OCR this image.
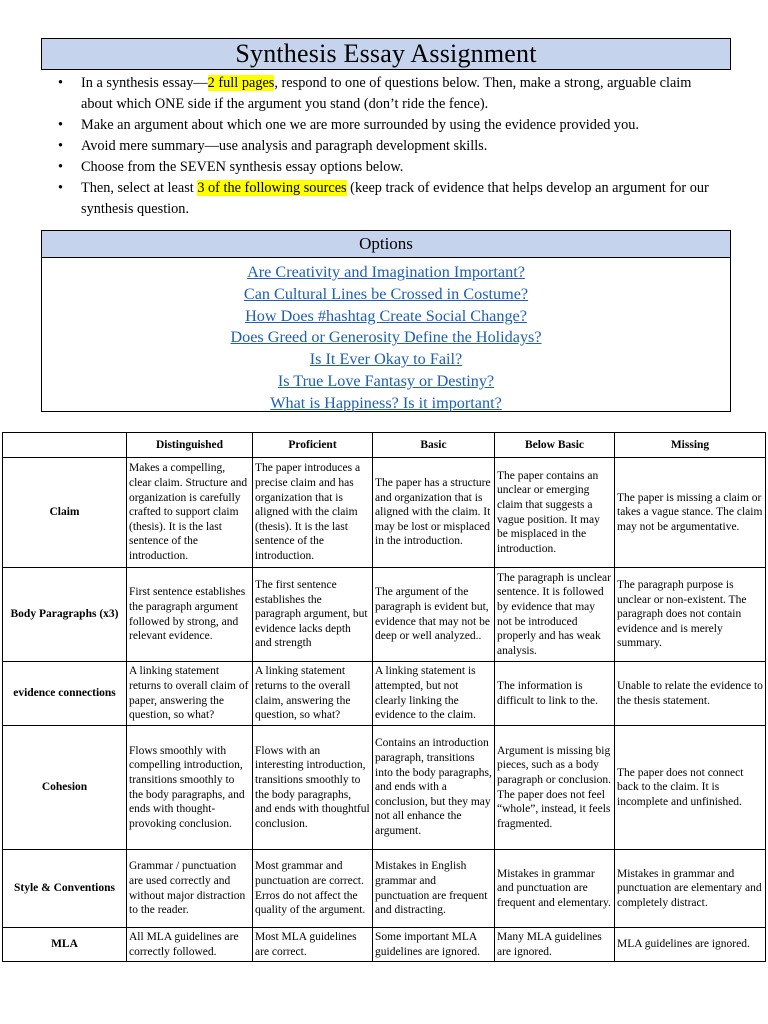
Synthesis Essay Assignment
• In a synthesis essay—2 full pages, respond to one of questions below. Then, make a strong, arguable claim about which ONE side if the argument you stand (don’t ride the fence).
• Make an argument about which one we are more surrounded by using the evidence provided you.
• Avoid mere summary—use analysis and paragraph development skills.
• Choose from the SEVEN synthesis essay options below.
• Then, select at least 3 of the following sources (keep track of evidence that helps develop an argument for our synthesis question.
Options
Are Creativity and Imagination Important?
Can Cultural Lines be Crossed in Costume?
How Does #hashtag Create Social Change?
Does Greed or Generosity Define the Holidays?
Is It Ever Okay to Fail?
Is True Love Fantasy or Destiny?
What is Happiness? Is it important?
	Distinguished	Proficient	Basic	Below Basic	Missing
Claim	Makes a compelling, clear claim. Structure and organization is carefully crafted to support claim (thesis). It is the last sentence of the introduction.	The paper introduces a precise claim and has organization that is aligned with the claim (thesis). It is the last sentence of the introduction.	The paper has a structure and organization that is aligned with the claim. It may be lost or misplaced in the introduction.	The paper contains an unclear or emerging claim that suggests a vague position. It may be misplaced in the introduction.	The paper is missing a claim or takes a vague stance. The claim may not be argumentative.
Body Paragraphs (x3)	First sentence establishes the paragraph argument followed by strong, and relevant evidence.	The first sentence establishes the paragraph argument, but evidence lacks depth and strength	The argument of the paragraph is evident but, evidence that may not be deep or well analyzed..	The paragraph is unclear sentence. It is followed by evidence that may not be introduced properly and has weak analysis.	The paragraph purpose is unclear or non-existent. The paragraph does not contain evidence and is merely summary.
evidence connections	A linking statement returns to overall claim of paper, answering the question, so what?	A linking statement returns to the overall claim, answering the question, so what?	A linking statement is attempted, but not clearly linking the evidence to the claim.	The information is difficult to link to the.	Unable to relate the evidence to the thesis statement.
Cohesion	Flows smoothly with compelling introduction, transitions smoothly to the body paragraphs, and ends with thought-provoking conclusion.	Flows with an interesting introduction, transitions smoothly to the body paragraphs, and ends with thoughtful conclusion.	Contains an introduction paragraph, transitions into the body paragraphs, and ends with a conclusion, but they may not all enhance the argument.	Argument is missing big pieces, such as a body paragraph or conclusion. The paper does not feel “whole”, instead, it feels fragmented.	The paper does not connect back to the claim. It is incomplete and unfinished.
Style & Conventions	Grammar / punctuation are used correctly and without major distraction to the reader.	Most grammar and punctuation are correct. Erros do not affect the quality of the argument.	Mistakes in English grammar and punctuation are frequent and distracting.	Mistakes in grammar and punctuation are frequent and elementary.	Mistakes in grammar and punctuation are elementary and completely distract.
MLA	All MLA guidelines are correctly followed.	Most MLA guidelines are correct.	Some important MLA guidelines are ignored.	Many MLA guidelines are ignored.	MLA guidelines are ignored.
